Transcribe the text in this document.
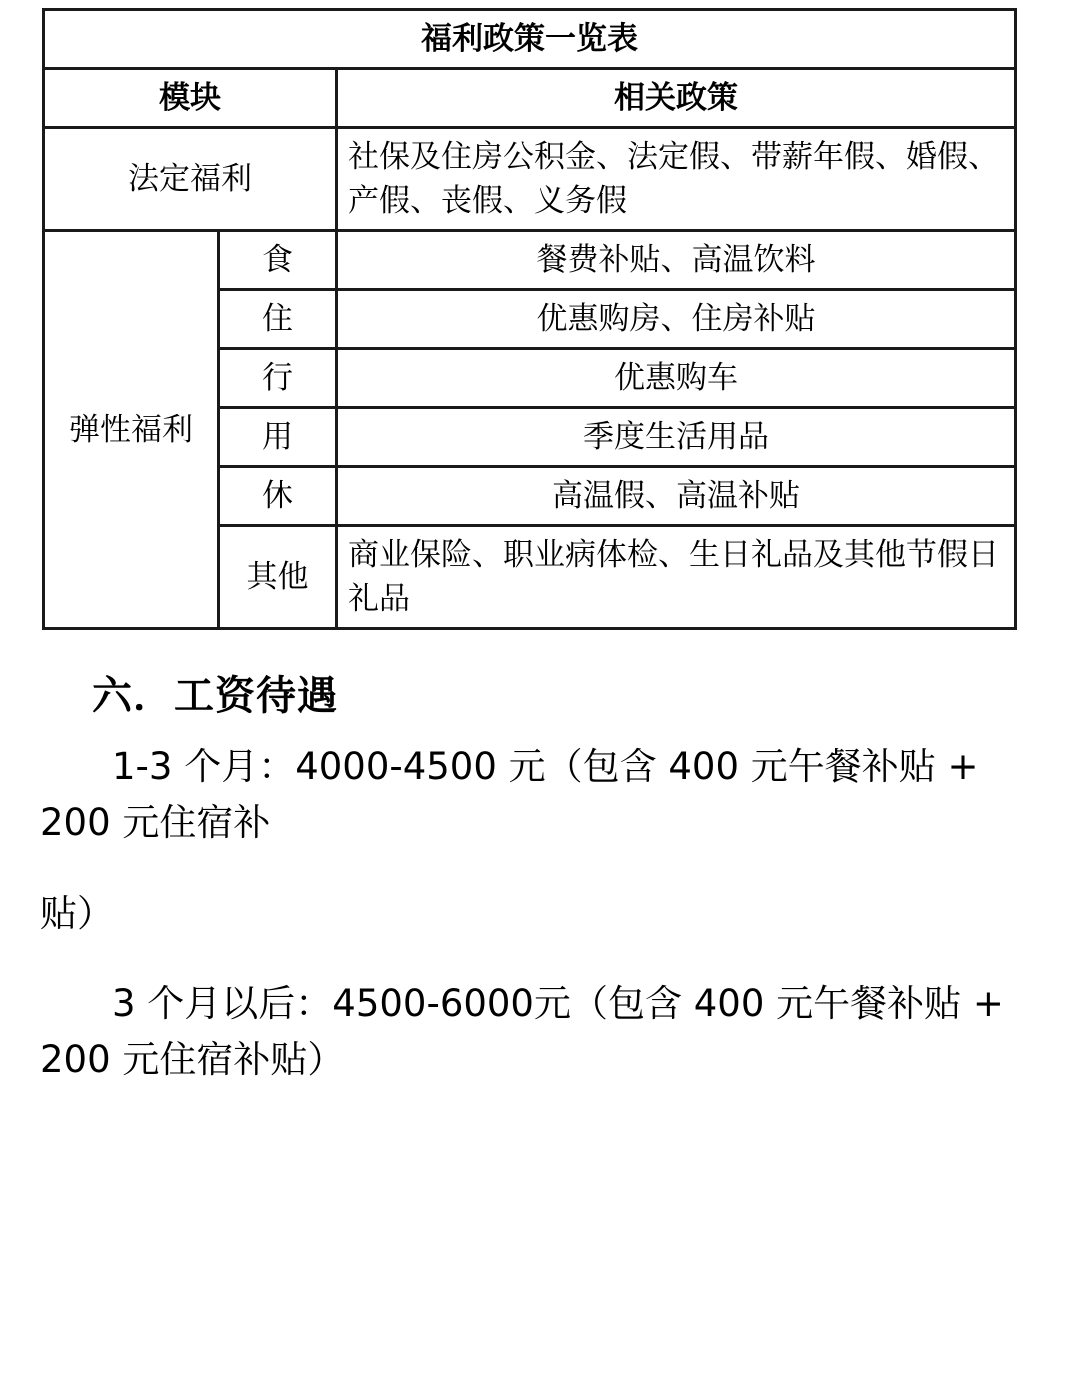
福利政策一览表		
模块		相关政策
法定福利		社保及住房公积金、法定假、带薪年假、婚假、产假、丧假、义务假
弹性福利	食	餐费补贴、高温饮料
	住	优惠购房、住房补贴
	行	优惠购车
	用	季度生活用品
	休	高温假、高温补贴
	其他	商业保险、职业病体检、生日礼品及其他节假日礼品
六．工资待遇

1-3 个月：4000-4500 元（包含 400 元午餐补贴 + 200 元住宿补

贴）

3 个月以后：4500-6000元（包含 400 元午餐补贴 + 200 元住宿补贴）
